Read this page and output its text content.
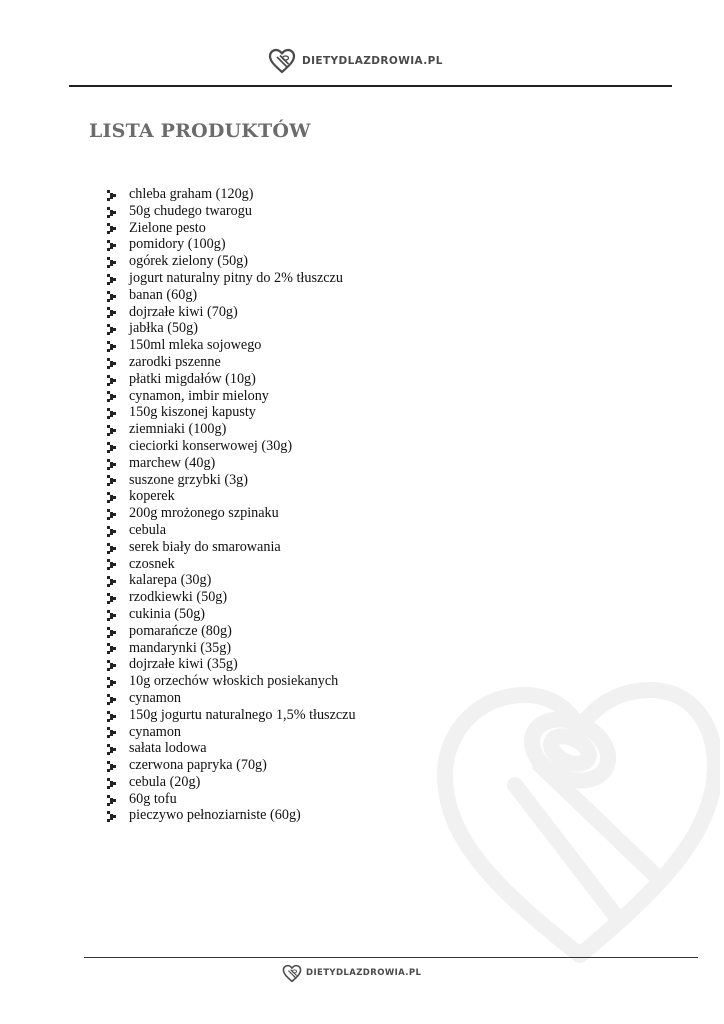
DIETYDLAZDROWIA.PL
LISTA PRODUKTÓW
chleba graham (120g)
50g chudego twarogu
Zielone pesto
pomidory (100g)
ogórek zielony (50g)
jogurt naturalny pitny do 2% tłuszczu
banan (60g)
dojrzałe kiwi (70g)
jabłka (50g)
150ml mleka sojowego
zarodki pszenne
płatki migdałów (10g)
cynamon, imbir mielony
150g kiszonej kapusty
ziemniaki (100g)
cieciorki konserwowej (30g)
marchew (40g)
suszone grzybki (3g)
koperek
200g mrożonego szpinaku
cebula
serek biały do smarowania
czosnek
kalarepa (30g)
rzodkiewki (50g)
cukinia (50g)
pomarańcze (80g)
mandarynki (35g)
dojrzałe kiwi (35g)
10g orzechów włoskich posiekanych
cynamon
150g jogurtu naturalnego 1,5% tłuszczu
cynamon
sałata lodowa
czerwona papryka (70g)
cebula (20g)
60g tofu
pieczywo pełnoziarniste (60g)
DIETYDLAZDROWIA.PL
